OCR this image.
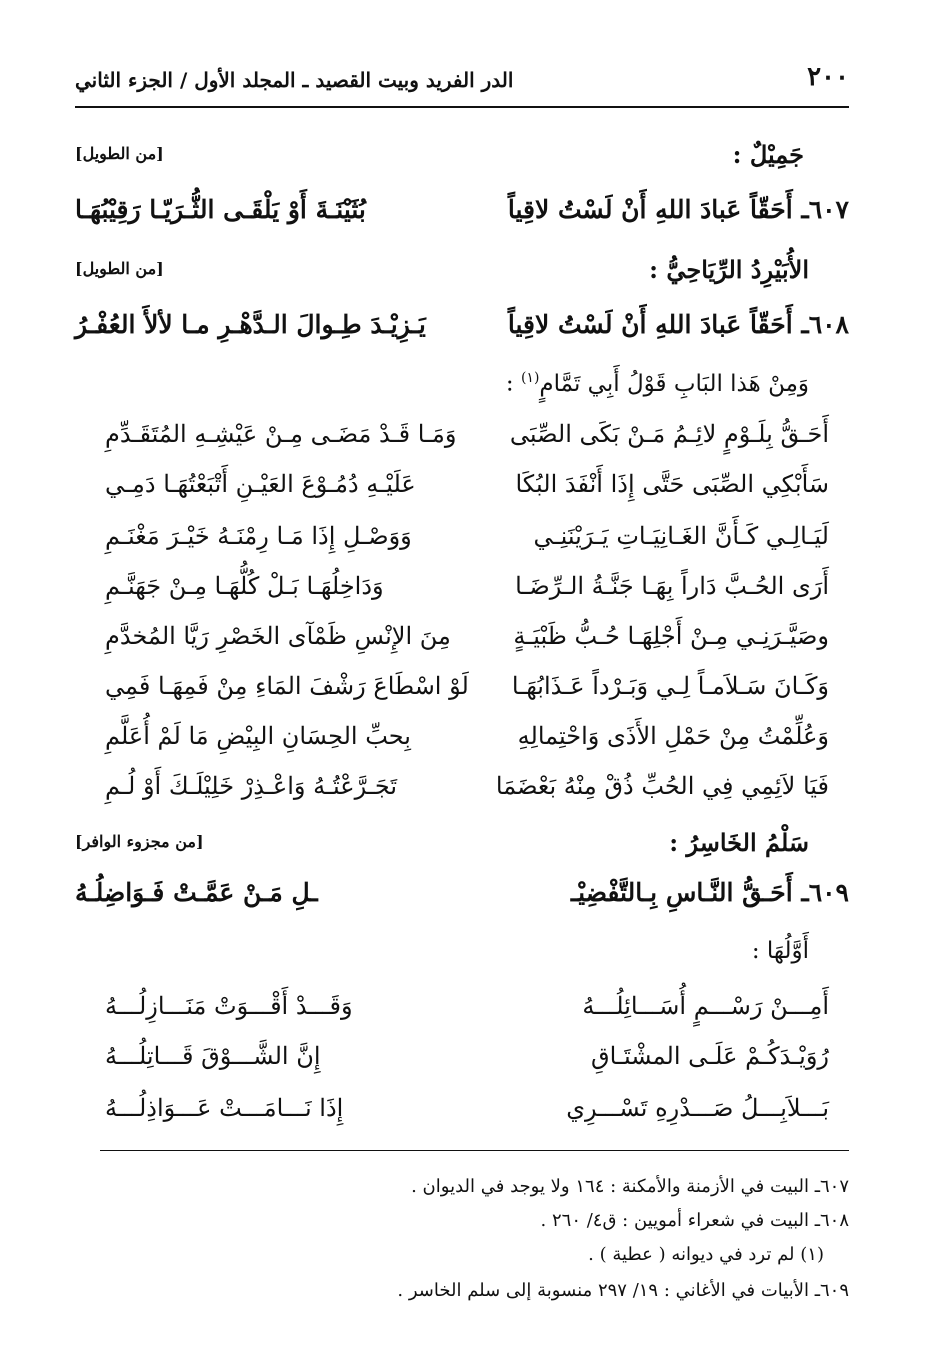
٢٠٠
الدر الفريد وبيت القصيد ـ المجلد الأول / الجزء الثاني
جَمِيْلٌ :
[من الطويل]
٦٠٧ـ أَحَقّاً عَبادَ اللهِ أَنْ لَسْتُ لاقِياً
بُثَيْنَـةَ أَوْ يَلْقَـى الثُّـرَيّـا رَقِيْبُهَـا
الأُبَيْرِدُ الرِّيَاحِيُّ :
[من الطويل]
٦٠٨ـ أَحَقّاً عَبادَ اللهِ أَنْ لَسْتُ لاقِياً
يَـزِيْـدَ طِـوالَ الـدَّهْـرِ مـا لألأَ العُفْـرُ
وَمِنْ هَذا البَابِ قَوْلُ أَبِي تَمَّامٍ$^{(١)}$ :
أَحَـقُّ بِلَـوْمٍ لائِـمُ مَـنْ بَكَى الصِّبَى
وَمَـا قَـدْ مَضَـى مِـنْ عَيْشِـهِ المُتَقَـدِّمِ
سَأَبْكِي الصِّبَى حَتَّى إِذَا أَنْفَدَ البُكَا
عَلَيْـهِ دُمُـوْعَ العَيْـنِ أَتْبَعْتُهَـا دَمِـي
لَيَـالِـي كَـأَنَّ الغَـانِيَـاتِ يَـرَيْنَنِـي
وَوَصْـلِ إِذَا مَـا رِمْنَـهُ خَيْـرَ مَغْنَـمِ
أَرَى الحُـبَّ دَاراً بِهَـا جَنَّـةُ الـرِّضَـا
وَدَاخِلُهَـا بَـلْ كُلُّهَـا مِـنْ جَهَنَّـمِ
وصَيَّـرَنِـي مِـنْ أَجْلِهَـا حُـبُّ ظَبْيَـةٍ
مِنَ الإِنْسِ ظَمْآى الخَصْرِ رَيَّا المُخدَّمِ
وَكَـانَ سَـلاَمـاً لِـي وَبَـرْداً عَـذَابُهَـا
لَوْ اسْطَاعَ رَشْفَ المَاءِ مِنْ فَمِهَـا فَمِي
وَعُلِّمْتُ مِنْ حَمْلِ الأَذَى وَاحْتِمالِهِ
بِحبِّ الحِسَانِ البِيْضِ مَا لَمْ أُعَلَّمِ
فَيَا لاَئِمِي فِي الحُبِّ ذُقْ مِنْهُ بَعْضَمَا
تَجَـرَّعْتُـهُ وَاعْـذِرْ خَلِيْلَـكَ أَوْ لُـمِ
سَلْمُ الخَاسِرُ :
[من مجزوء الوافر]
٦٠٩ـ أَحَـقُّ النَّـاسِ بِـالتَّفْضِيْـ
ـلِ مَـنْ عَمَّـتْ فَـوَاضِلُـهُ
أَوَّلُهَا :
أَمِـــنْ رَسْـــمٍ أُسَـــائِلُـــهُ
وَقَـــدْ أَقْـــوَتْ مَنَـــازِلُـــهُ
رُوَيْـدَكُـمْ عَلَـى المشْتَـاقِ
إِنَّ الشَّـــوْقَ قَـــاتِلُـــهُ
بَـــلاَبِـــلُ صَـــدْرِهِ تَسْـــرِي
إِذَا نَـــامَـــتْ عَـــوَاذِلُـــهُ
٦٠٧ـ البيت في الأزمنة والأمكنة : ١٦٤ ولا يوجد في الديوان .
٦٠٨ـ البيت في شعراء أمويين : ق٤/ ٢٦٠ .
(١) لم ترد في ديوانه ( عطية ) .
٦٠٩ـ الأبيات في الأغاني : ١٩/ ٢٩٧ منسوبة إلى سلم الخاسر .
